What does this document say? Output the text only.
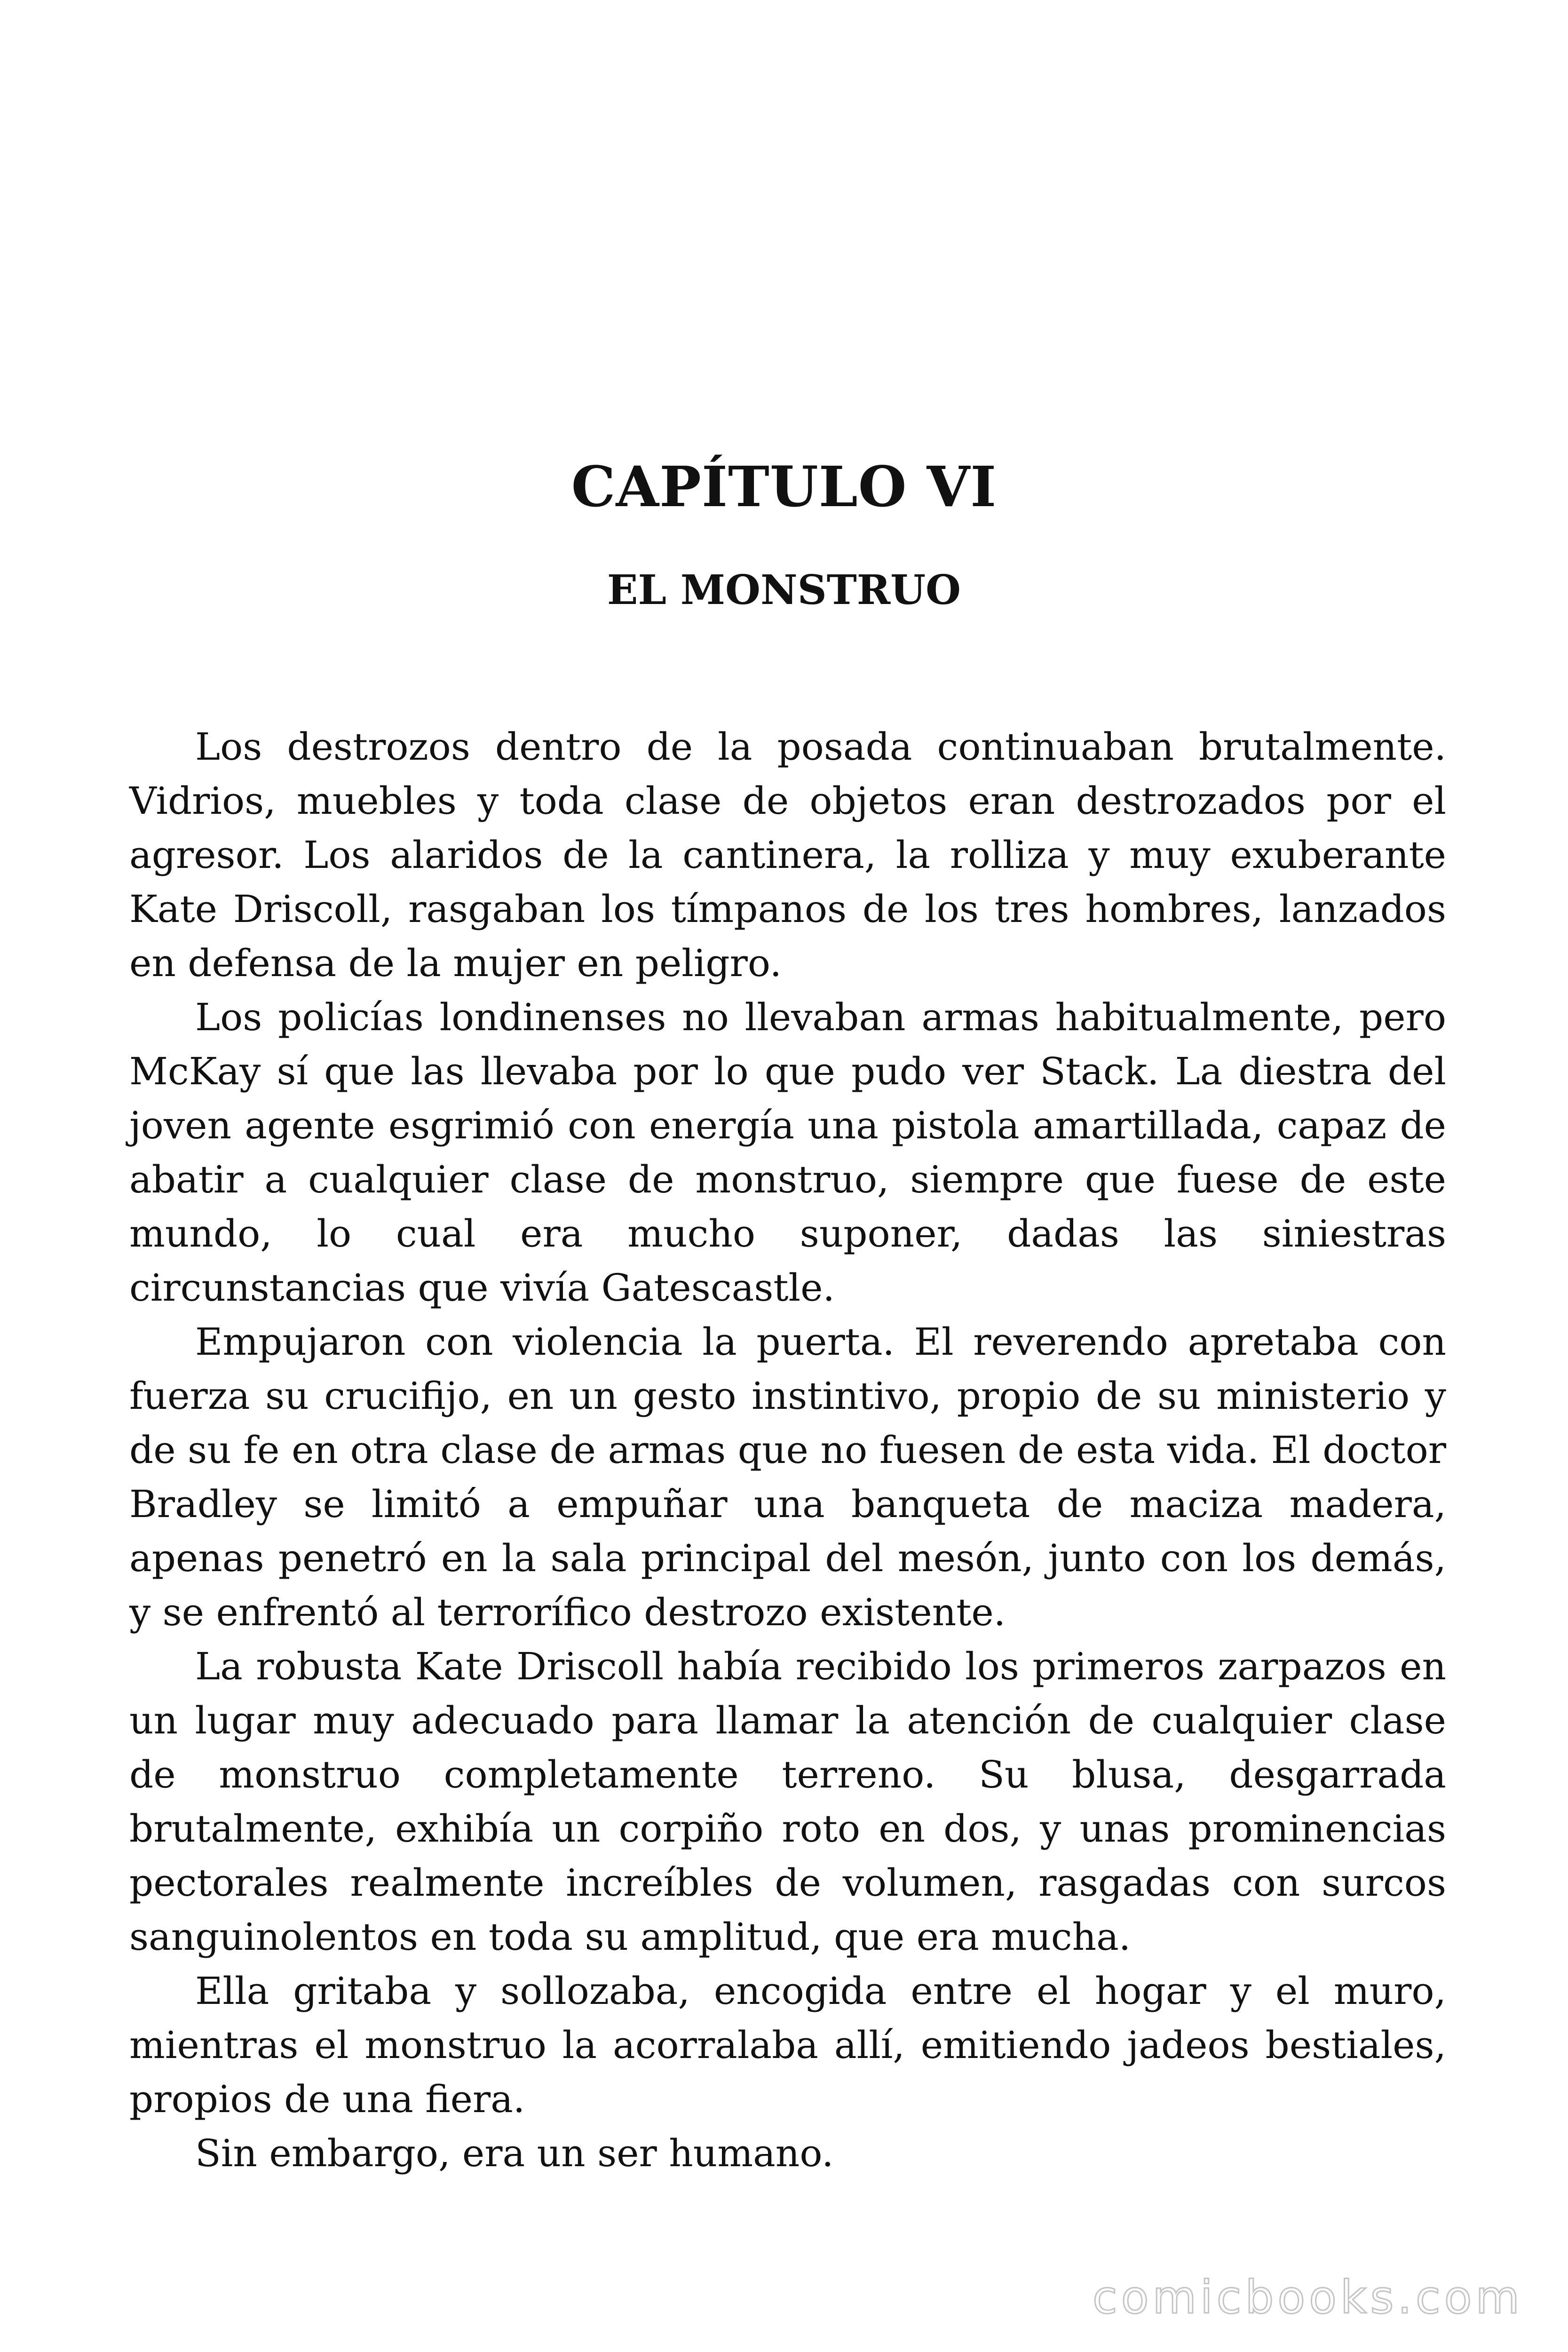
CAPÍTULO VI
EL MONSTRUO

Los destrozos dentro de la posada continuaban brutalmente. Vidrios, muebles y toda clase de objetos eran destrozados por el agresor. Los alaridos de la cantinera, la rolliza y muy exuberante Kate Driscoll, rasgaban los tímpanos de los tres hombres, lanzados en defensa de la mujer en peligro.

Los policías londinenses no llevaban armas habitualmente, pero McKay sí que las llevaba por lo que pudo ver Stack. La diestra del joven agente esgrimió con energía una pistola amartillada, capaz de abatir a cualquier clase de monstruo, siempre que fuese de este mundo, lo cual era mucho suponer, dadas las siniestras circunstancias que vivía Gatescastle.

Empujaron con violencia la puerta. El reverendo apretaba con fuerza su crucifijo, en un gesto instintivo, propio de su ministerio y de su fe en otra clase de armas que no fuesen de esta vida. El doctor Bradley se limitó a empuñar una banqueta de maciza madera, apenas penetró en la sala principal del mesón, junto con los demás, y se enfrentó al terrorífico destrozo existente.

La robusta Kate Driscoll había recibido los primeros zarpazos en un lugar muy adecuado para llamar la atención de cualquier clase de monstruo completamente terreno. Su blusa, desgarrada brutalmente, exhibía un corpiño roto en dos, y unas prominencias pectorales realmente increíbles de volumen, rasgadas con surcos sanguinolentos en toda su amplitud, que era mucha.

Ella gritaba y sollozaba, encogida entre el hogar y el muro, mientras el monstruo la acorralaba allí, emitiendo jadeos bestiales, propios de una fiera.

Sin embargo, era un ser humano.

comicbooks.com
